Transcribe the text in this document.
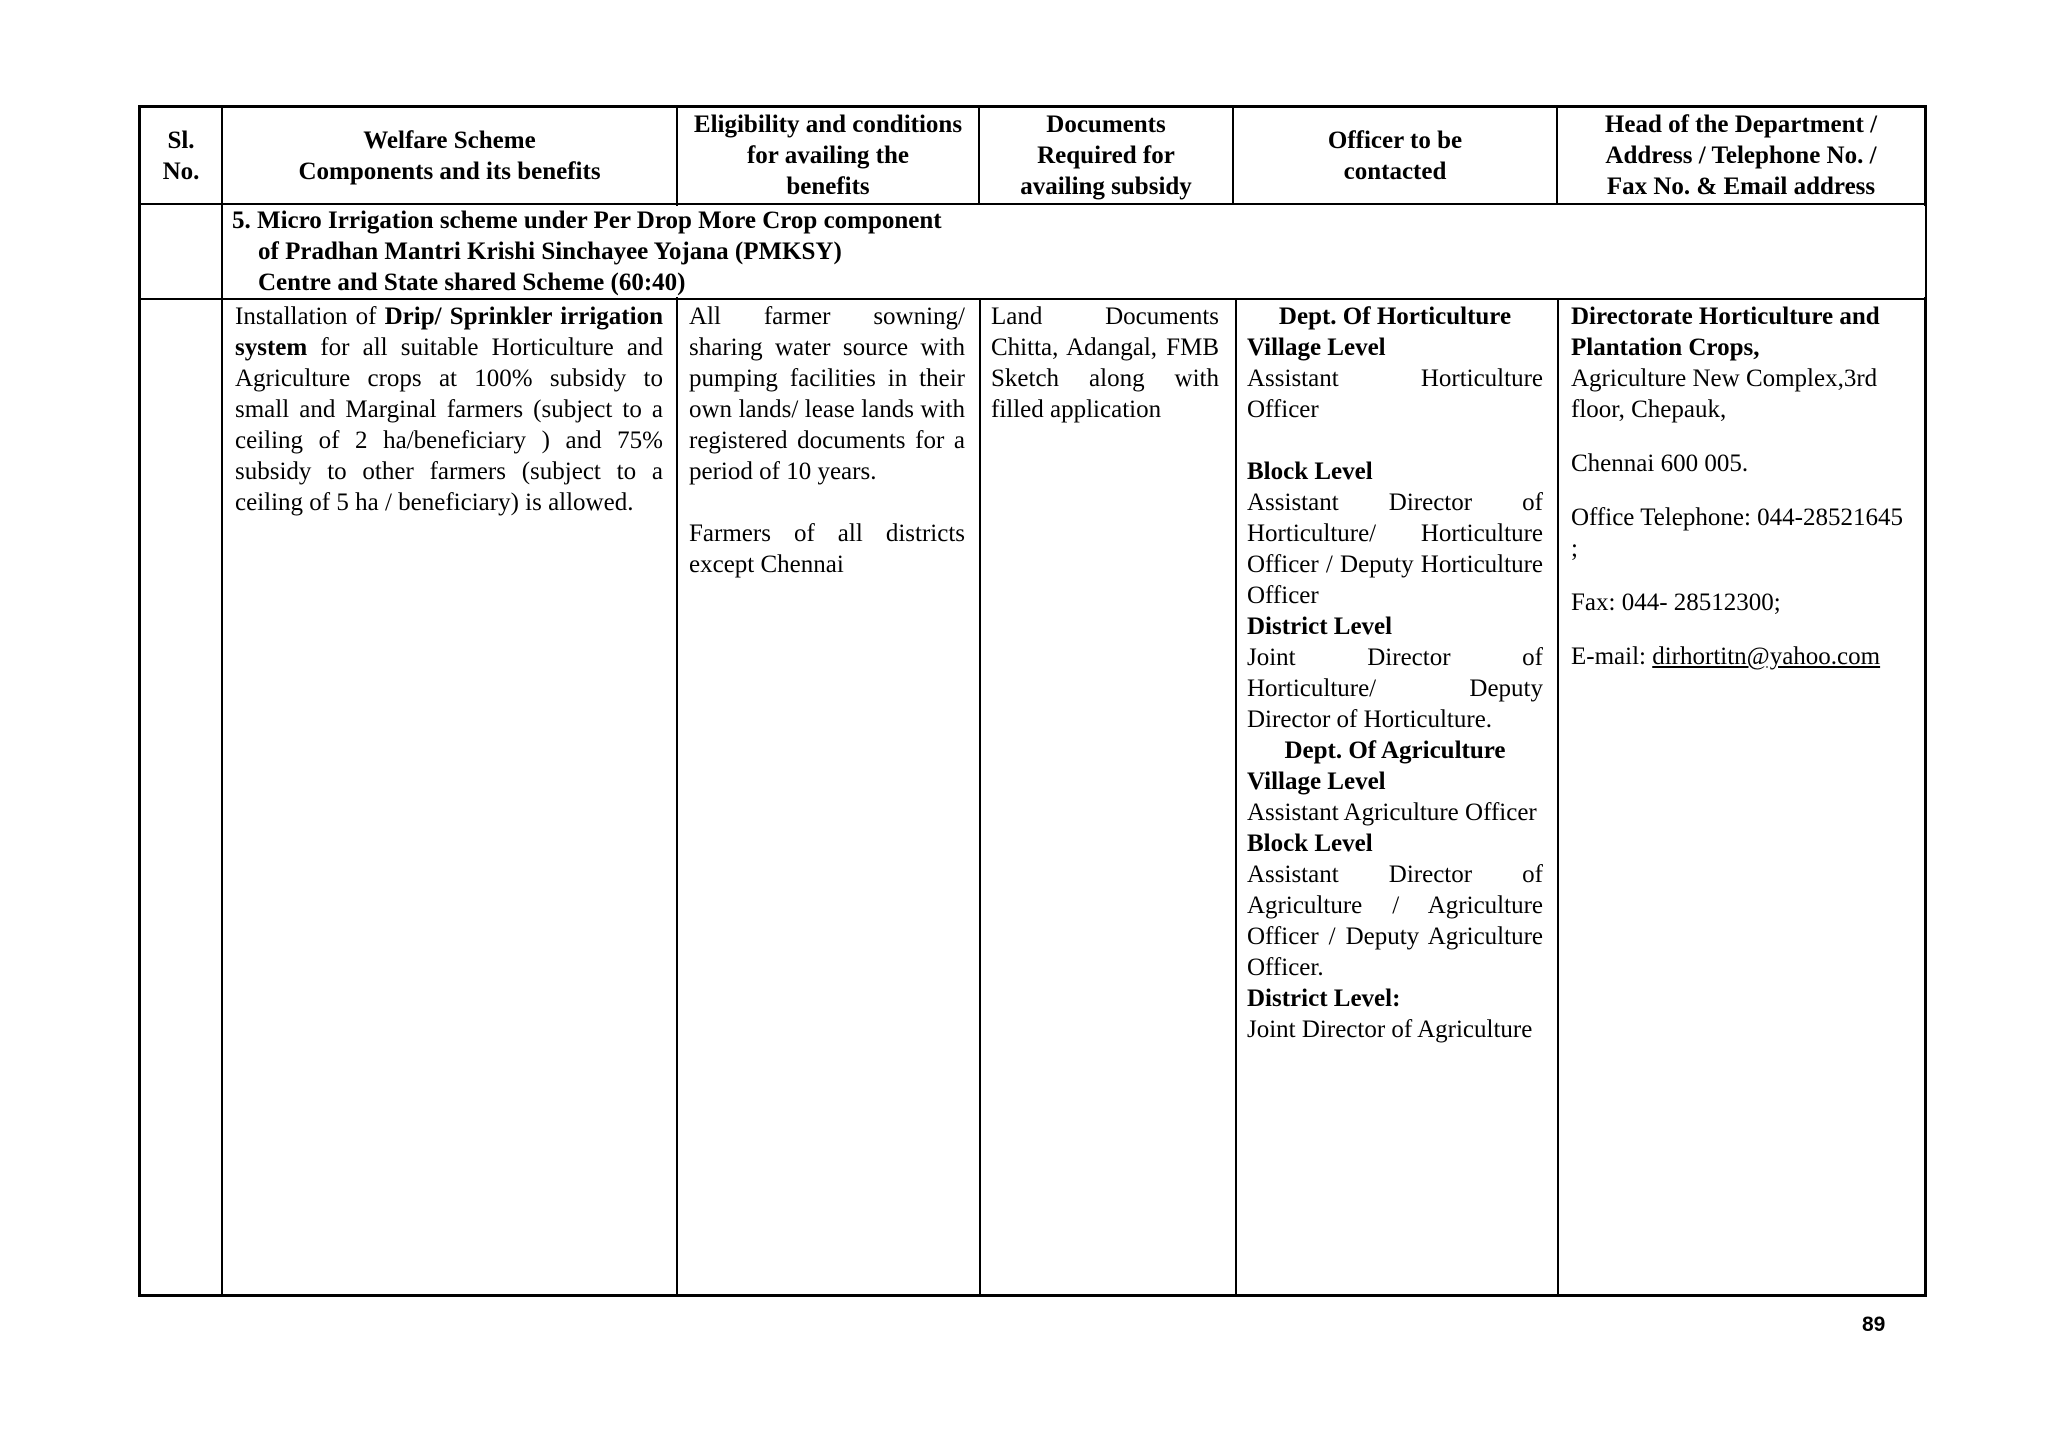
Sl.
No.
Welfare Scheme
Components and its benefits
Eligibility and conditions
for availing the
benefits
Documents
Required for
availing subsidy
Officer to be
contacted
Head of the Department /
Address / Telephone No. /
Fax No. & Email address
5. Micro Irrigation scheme under Per Drop More Crop component
of Pradhan Mantri Krishi Sinchayee Yojana (PMKSY)
Centre and State shared Scheme (60:40)

Installation of Drip/ Sprinkler irrigation system for all suitable Horticulture and Agriculture crops at 100% subsidy to small and Marginal farmers (subject to a ceiling of 2 ha/beneficiary ) and 75% subsidy to other farmers (subject to a ceiling of 5 ha / beneficiary) is allowed.

All farmer sowning/ sharing water source with pumping facilities in their own lands/ lease lands with registered documents for a period of 10 years.

Farmers of all districts except Chennai

Land Documents Chitta, Adangal, FMB Sketch along with filled application

Dept. Of Horticulture

Village Level

Assistant Horticulture Officer

Block Level

Assistant Director of Horticulture/ Horticulture Officer / Deputy Horticulture Officer

District Level

Joint Director of Horticulture/ Deputy Director of Horticulture.

Dept. Of Agriculture

Village Level

Assistant Agriculture Officer

Block Level

Assistant Director of Agriculture / Agriculture Officer / Deputy Agriculture Officer.

District Level:

Joint Director of Agriculture

Directorate Horticulture and Plantation Crops,

Agriculture New Complex,3rd floor, Chepauk,

Chennai 600 005.

Office Telephone: 044-28521645 ;

Fax: 044- 28512300;

E-mail: dirhortitn@yahoo.com

89
